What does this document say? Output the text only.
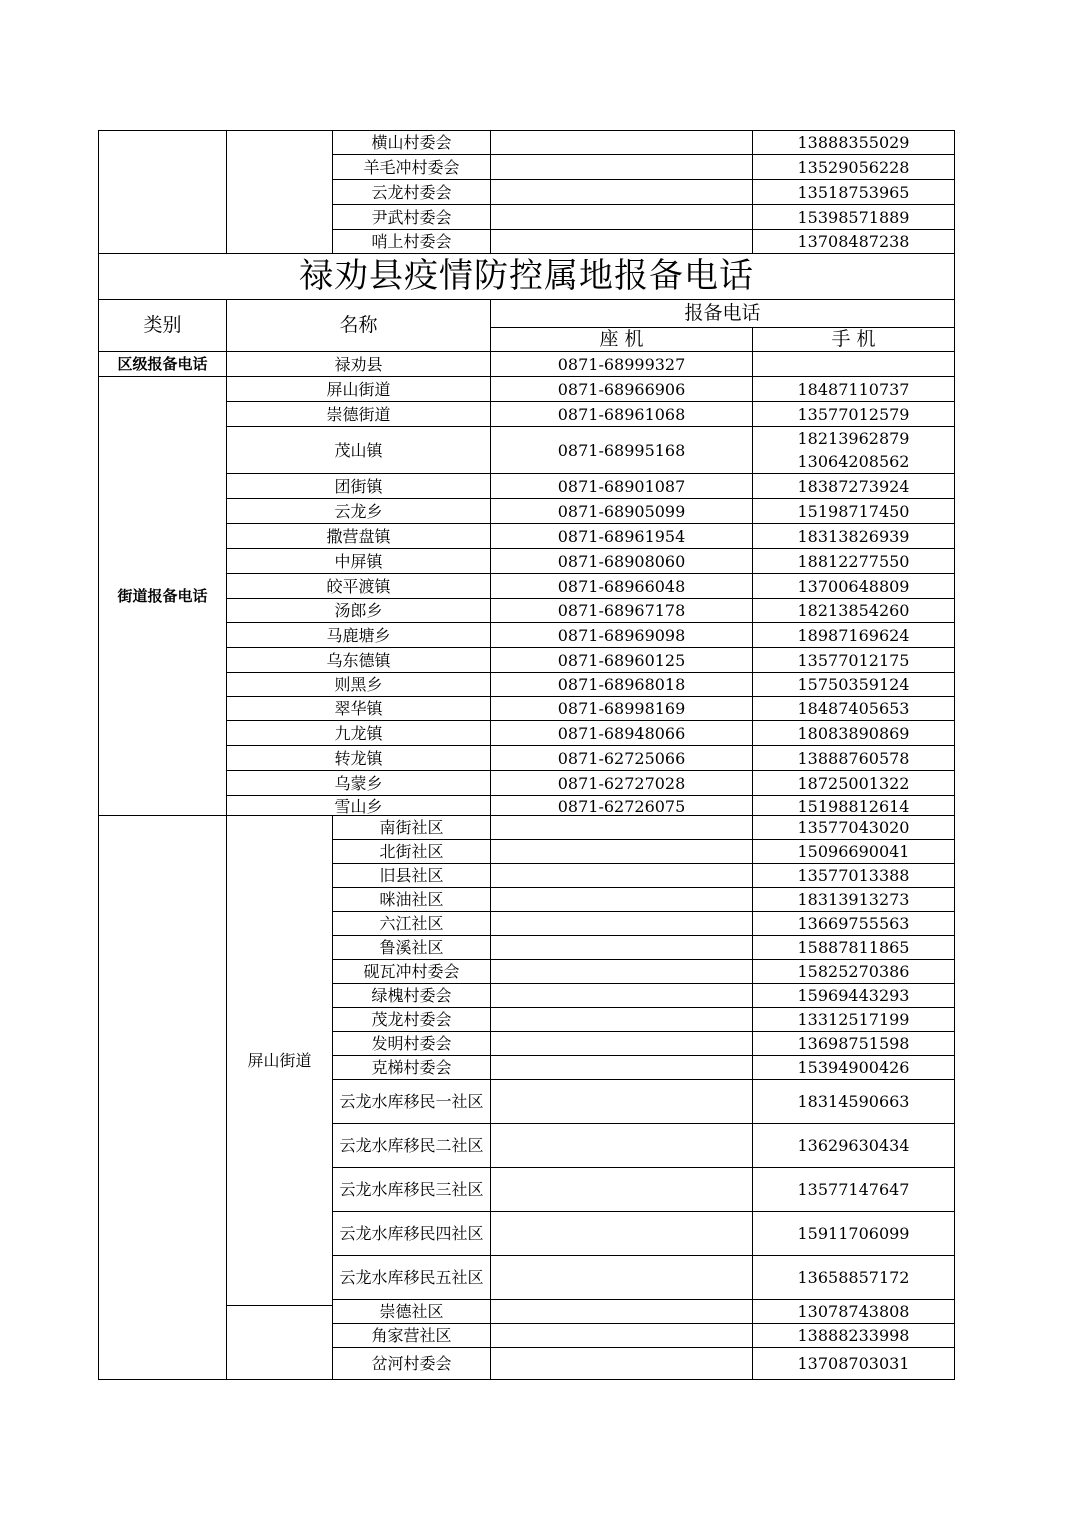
横山村委会	13888355029
羊毛冲村委会	13529056228
云龙村委会	13518753965
尹武村委会	15398571889
哨上村委会	13708487238
禄劝县疫情防控属地报备电话
类别	名称
报备电话
座 机	手 机
区级报备电话	禄劝县	0871-68999327
街道报备电话
屏山街道	0871-68966906	18487110737
崇德街道	0871-68961068	13577012579
茂山镇	0871-68995168
18213962879
13064208562
团街镇	0871-68901087	18387273924
云龙乡	0871-68905099	15198717450
撒营盘镇	0871-68961954	18313826939
中屏镇	0871-68908060	18812277550
皎平渡镇	0871-68966048	13700648809
汤郎乡	0871-68967178	18213854260
马鹿塘乡	0871-68969098	18987169624
乌东德镇	0871-68960125	13577012175
则黑乡	0871-68968018	15750359124
翠华镇	0871-68998169	18487405653
九龙镇	0871-68948066	18083890869
转龙镇	0871-62725066	13888760578
乌蒙乡	0871-62727028	18725001322
雪山乡	0871-62726075	15198812614
屏山街道
南街社区	13577043020
北街社区	15096690041
旧县社区	13577013388
咪油社区	18313913273
六江社区	13669755563
鲁溪社区	15887811865
砚瓦冲村委会	15825270386
绿槐村委会	15969443293
茂龙村委会	13312517199
发明村委会	13698751598
克梯村委会	15394900426
云龙水库移民一社区	18314590663
云龙水库移民二社区	13629630434
云龙水库移民三社区	13577147647
云龙水库移民四社区	15911706099
云龙水库移民五社区	13658857172
崇德社区	13078743808
角家营社区	13888233998
岔河村委会	13708703031
